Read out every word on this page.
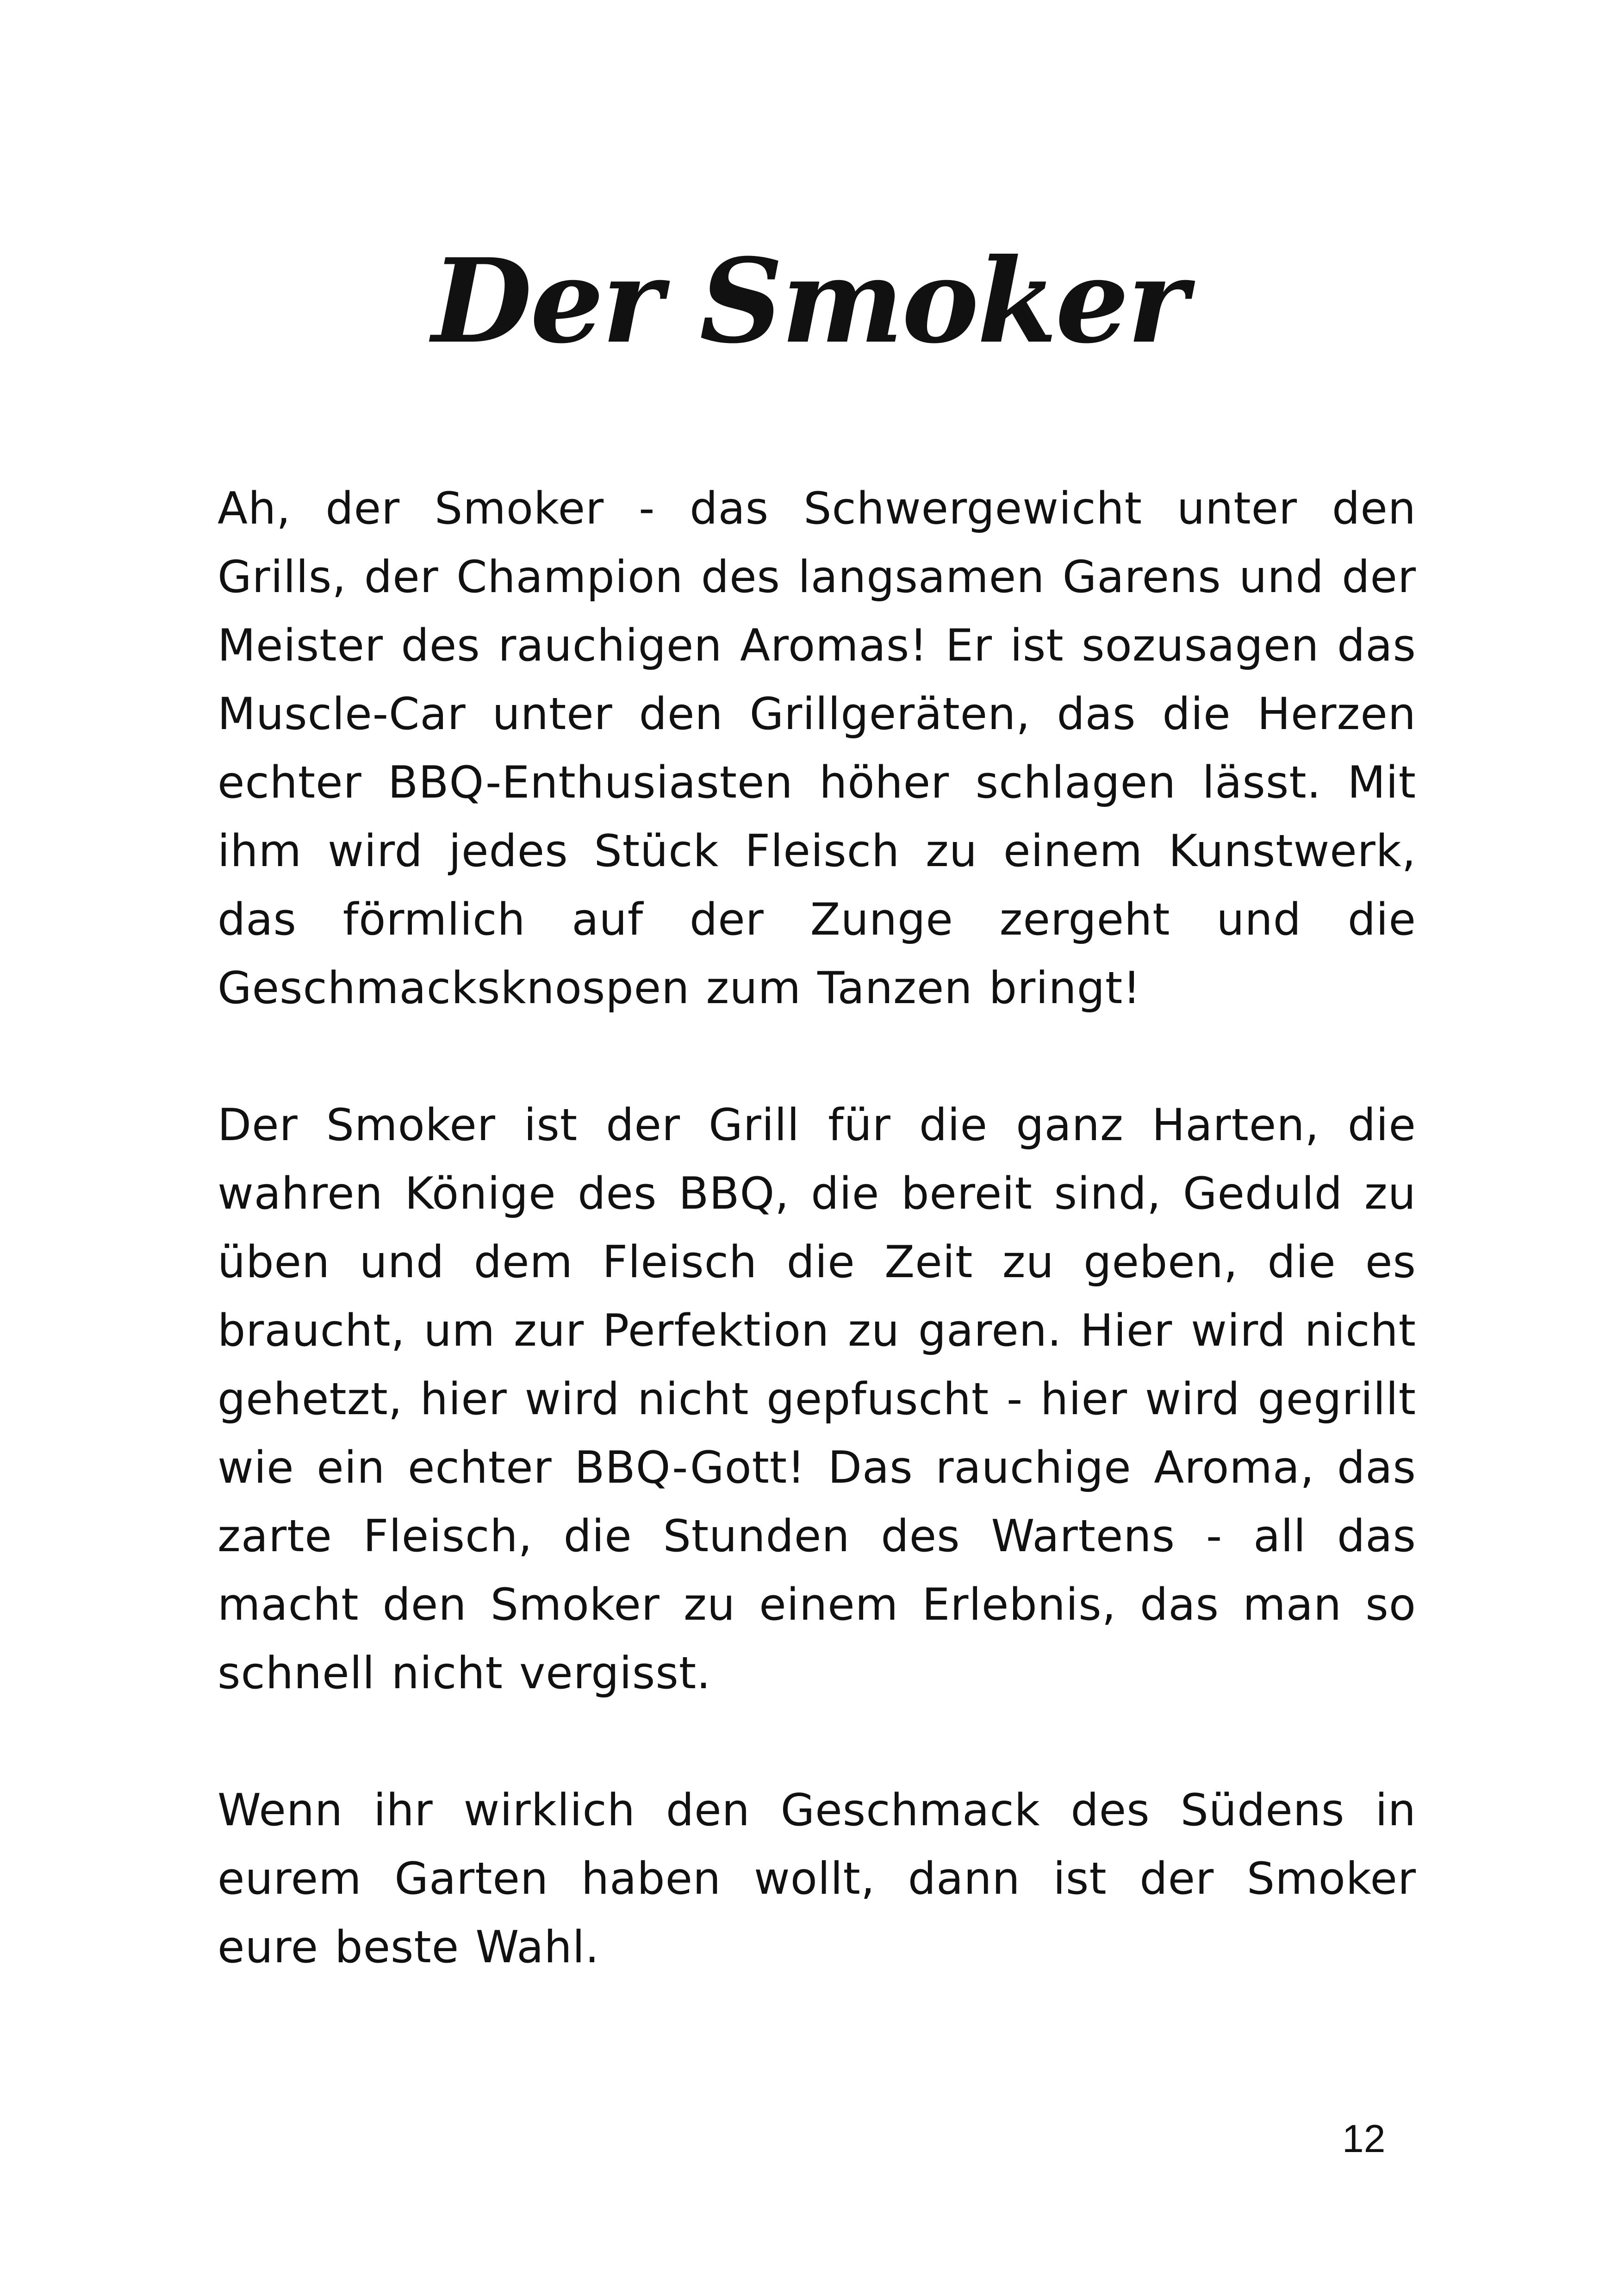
Der Smoker

Ah, der Smoker - das Schwergewicht unter den Grills, der Champion des langsamen Garens und der Meister des rauchigen Aromas! Er ist sozusagen das Muscle-Car unter den Grillgeräten, das die Herzen echter BBQ-Enthusiasten höher schlagen lässt. Mit ihm wird jedes Stück Fleisch zu einem Kunstwerk, das förmlich auf der Zunge zergeht und die Geschmacksknospen zum Tanzen bringt!

Der Smoker ist der Grill für die ganz Harten, die wahren Könige des BBQ, die bereit sind, Geduld zu üben und dem Fleisch die Zeit zu geben, die es braucht, um zur Perfektion zu garen. Hier wird nicht gehetzt, hier wird nicht gepfuscht - hier wird gegrillt wie ein echter BBQ-Gott! Das rauchige Aroma, das zarte Fleisch, die Stunden des Wartens - all das macht den Smoker zu einem Erlebnis, das man so schnell nicht vergisst.

Wenn ihr wirklich den Geschmack des Südens in eurem Garten haben wollt, dann ist der Smoker eure beste Wahl.

12
